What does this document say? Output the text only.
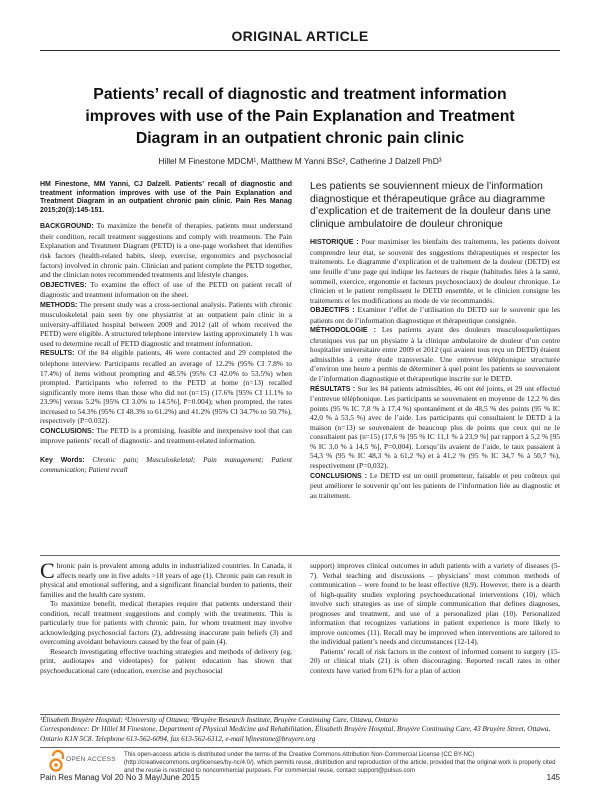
ORIGINAL ARTICLE
Patients’ recall of diagnostic and treatment information improves with use of the Pain Explanation and Treatment Diagram in an outpatient chronic pain clinic
Hillel M Finestone MDCM¹, Matthew M Yanni BSc², Catherine J Dalzell PhD³

HM Finestone, MM Yanni, CJ Dalzell. Patients’ recall of diagnostic and treatment information improves with use of the Pain Explanation and Treatment Diagram in an outpatient chronic pain clinic. Pain Res Manag 2015;20(3):145-151.

BACKGROUND: To maximize the benefit of therapies, patients must understand their condition, recall treatment suggestions and comply with treatments. The Pain Explanation and Treatment Diagram (PETD) is a one-page worksheet that identifies risk factors (health-related habits, sleep, exercise, ergonomics and psychosocial factors) involved in chronic pain. Clinician and patient complete the PETD together, and the clinician notes recommended treatments and lifestyle changes.

OBJECTIVES: To examine the effect of use of the PETD on patient recall of diagnostic and treatment information on the sheet.

METHODS: The present study was a cross-sectional analysis. Patients with chronic musculoskeletal pain seen by one physiatrist at an outpatient pain clinic in a university-affiliated hospital between 2009 and 2012 (all of whom received the PETD) were eligible. A structured telephone interview lasting approximately 1 h was used to determine recall of PETD diagnostic and treatment information.

RESULTS: Of the 84 eligible patients, 46 were contacted and 29 completed the telephone interview. Participants recalled an average of 12.2% (95% CI 7.8% to 17.4%) of items without prompting and 48.5% (95% CI 42.0% to 53.5%) when prompted. Participants who referred to the PETD at home (n=13) recalled significantly more items than those who did not (n=15) (17.6% [95% CI 11.1% to 23.9%] versus 5.2% [95% CI 3.0% to 14.5%], P=0.004); when prompted, the rates increased to 54.3% (95% CI 48.3% to 61.2%) and 41.2% (95% CI 34.7% to 50.7%), respectively (P=0.032).

CONCLUSIONS: The PETD is a promising, feasible and inexpensive tool that can improve patients’ recall of diagnostic- and treatment-related information.

Key Words: Chronic pain; Musculoskeletal; Pain management; Patient communication; Patient recall

Les patients se souviennent mieux de l’information diagnostique et thérapeutique grâce au diagramme d’explication et de traitement de la douleur dans une clinique ambulatoire de douleur chronique

HISTORIQUE : Pour maximiser les bienfaits des traitements, les patients doivent comprendre leur état, se souvenir des suggestions thérapeutiques et respecter les traitements. Le diagramme d’explication et de traitement de la douleur (DETD) est une feuille d’une page qui indique les facteurs de risque (habitudes liées à la santé, sommeil, exercice, ergonomie et facteurs psychosociaux) de douleur chronique. Le clinicien et le patient remplissent le DETD ensemble, et le clinicien consigne les traitements et les modifications au mode de vie recommandés.

OBJECTIFS : Examiner l’effet de l’utilisation du DETD sur le souvenir que les patients ont de l’information diagnostique et thérapeutique consignée.

MÉTHODOLOGIE : Les patients ayant des douleurs musculosquelettiques chroniques vus par un physiatre à la clinique ambulatoire de douleur d’un centre hospitalier universitaire entre 2009 et 2012 (qui avaient tous reçu un DETD) étaient admissibles à cette étude transversale. Une entrevue téléphonique structurée d’environ une heure a permis de déterminer à quel point les patients se souvenaient de l’information diagnostique et thérapeutique inscrite sur le DETD.

RÉSULTATS : Sur les 84 patients admissibles, 46 ont été joints, et 29 ont effectué l’entrevue téléphonique. Les participants se souvenaient en moyenne de 12,2 % des points (95 % IC 7,8 % à 17,4 %) spontanément et de 48,5 % des points (95 % IC 42,0 % à 53,5 %) avec de l’aide. Les participants qui consultaient le DETD à la maison (n=13) se souvenaient de beaucoup plus de points que ceux qui ne le consultaient pas (n=15) (17,6 % [95 % IC 11,1 % à 23,9 %] par rapport à 5,2 % [95 % IC 3,0 % à 14,5 %], P=0,004). Lorsqu’ils avaient de l’aide, le taux passaient à 54,3 % (95 % IC 48,3 % à 61,2 %) et à 41,2 % (95 % IC 34,7 % à 50,7 %), respectivement (P=0,032).

CONCLUSIONS : Le DETD est un outil prometteur, faisable et peu coûteux qui peut améliorer le souvenir qu’ont les patients de l’information liée au diagnostic et au traitement.

Chronic pain is prevalent among adults in industrialized countries. In Canada, it affects nearly one in five adults >18 years of age (1). Chronic pain can result in physical and emotional suffering, and a significant financial burden to patients, their families and the health care system.

To maximize benefit, medical therapies require that patients understand their condition, recall treatment suggestions and comply with the treatments. This is particularly true for patients with chronic pain, for whom treatment may involve acknowledging psychosocial factors (2), addressing inaccurate pain beliefs (3) and overcoming avoidant behaviours caused by the fear of pain (4).

Research investigating effective teaching strategies and methods of delivery (eg, print, audiotapes and videotapes) for patient education has shown that psychoeducational care (education, exercise and psychosocial

support) improves clinical outcomes in adult patients with a variety of diseases (5-7). Verbal teaching and discussions – physicians’ most common methods of communication – were found to be least effective (8,9). However, there is a dearth of high-quality studies exploring psychoeducational interventions (10), which involve such strategies as use of simple communication that defines diagnoses, prognoses and treatment, and use of a personalized plan (10). Personalized information that recognizes variations in patient experience is more likely to improve outcomes (11). Recall may be improved when interventions are tailored to the individual patient’s needs and circumstances (12-14).

Patients’ recall of risk factors in the context of informed consent to surgery (15-20) or clinical trials (21) is often discouraging. Reported recall rates in other contexts have varied from 61% for a plan of action

¹Élisabeth Bruyère Hospital; ²University of Ottawa; ³Bruyère Research Institute, Bruyère Continuing Care, Ottawa, Ontario

Correspondence: Dr Hillel M Finestone, Department of Physical Medicine and Rehabilitation, Élisabeth Bruyère Hospital, Bruyère Continuing Care, 43 Bruyère Street, Ottawa, Ontario K1N 5C8. Telephone 613-562-6094, fax 613-562-6312, e-mail hfinestone@bruyere.org

OPEN ACCESS
This open-access article is distributed under the terms of the Creative Commons Attribution Non-Commercial License (CC BY-NC) (http://creativecommons.org/licenses/by-nc/4.0/), which permits reuse, distribution and reproduction of the article, provided that the original work is properly cited and the reuse is restricted to noncommercial purposes. For commercial reuse, contact support@pulsus.com
Pain Res Manag Vol 20 No 3 May/June 2015	145
